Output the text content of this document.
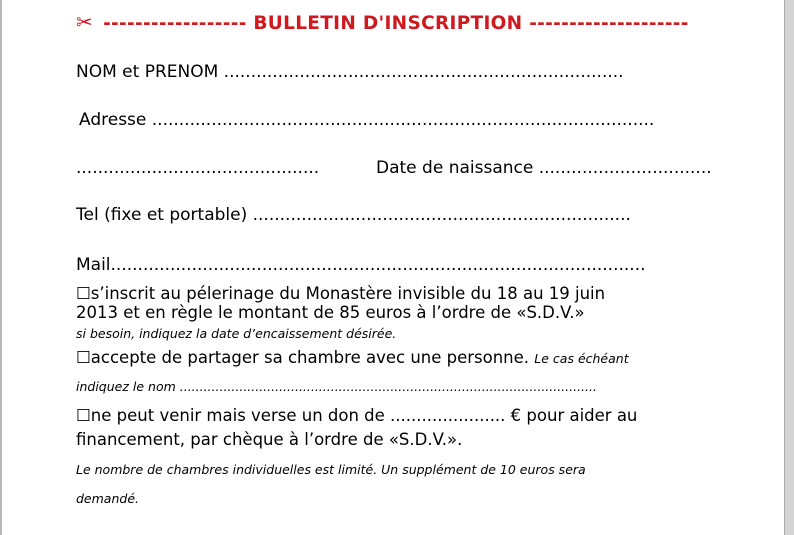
✂ ------------------ BULLETIN D'INSCRIPTION --------------------
NOM et PRENOM ..........................................................................
Adresse .............................................................................................
.............................................	Date de naissance ................................
Tel (fixe et portable) ......................................................................
Mail...................................................................................................
☐s’inscrit au pélerinage du Monastère invisible du 18 au 19 juin
2013 et en règle le montant de 85 euros à l’ordre de «S.D.V.»
si besoin, indiquez la date d’encaissement désirée.
☐accepte de partager sa chambre avec une personne. Le cas échéant
indiquez le nom .........................................................................................................
☐ne peut venir mais verse un don de ...................... € pour aider au
financement, par chèque à l’ordre de «S.D.V.».
Le nombre de chambres individuelles est limité. Un supplément de 10 euros sera
demandé.
